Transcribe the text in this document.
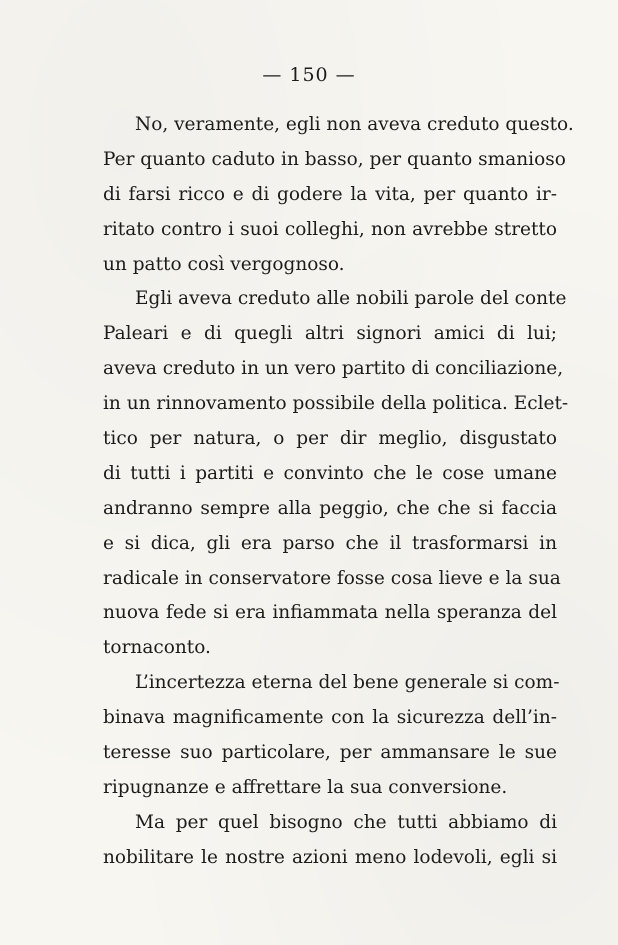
— 150 —
No, veramente, egli non aveva creduto questo.
Per quanto caduto in basso, per quanto smanioso
di farsi ricco e di godere la vita, per quanto ir-
ritato contro i suoi colleghi, non avrebbe stretto
un patto così vergognoso.
Egli aveva creduto alle nobili parole del conte
Paleari e di quegli altri signori amici di lui;
aveva creduto in un vero partito di conciliazione,
in un rinnovamento possibile della politica. Eclet-
tico per natura, o per dir meglio, disgustato
di tutti i partiti e convinto che le cose umane
andranno sempre alla peggio, che che si faccia
e si dica, gli era parso che il trasformarsi in
radicale in conservatore fosse cosa lieve e la sua
nuova fede si era infiammata nella speranza del
tornaconto.
L’incertezza eterna del bene generale si com-
binava magnificamente con la sicurezza dell’in-
teresse suo particolare, per ammansare le sue
ripugnanze e affrettare la sua conversione.
Ma per quel bisogno che tutti abbiamo di
nobilitare le nostre azioni meno lodevoli, egli si
